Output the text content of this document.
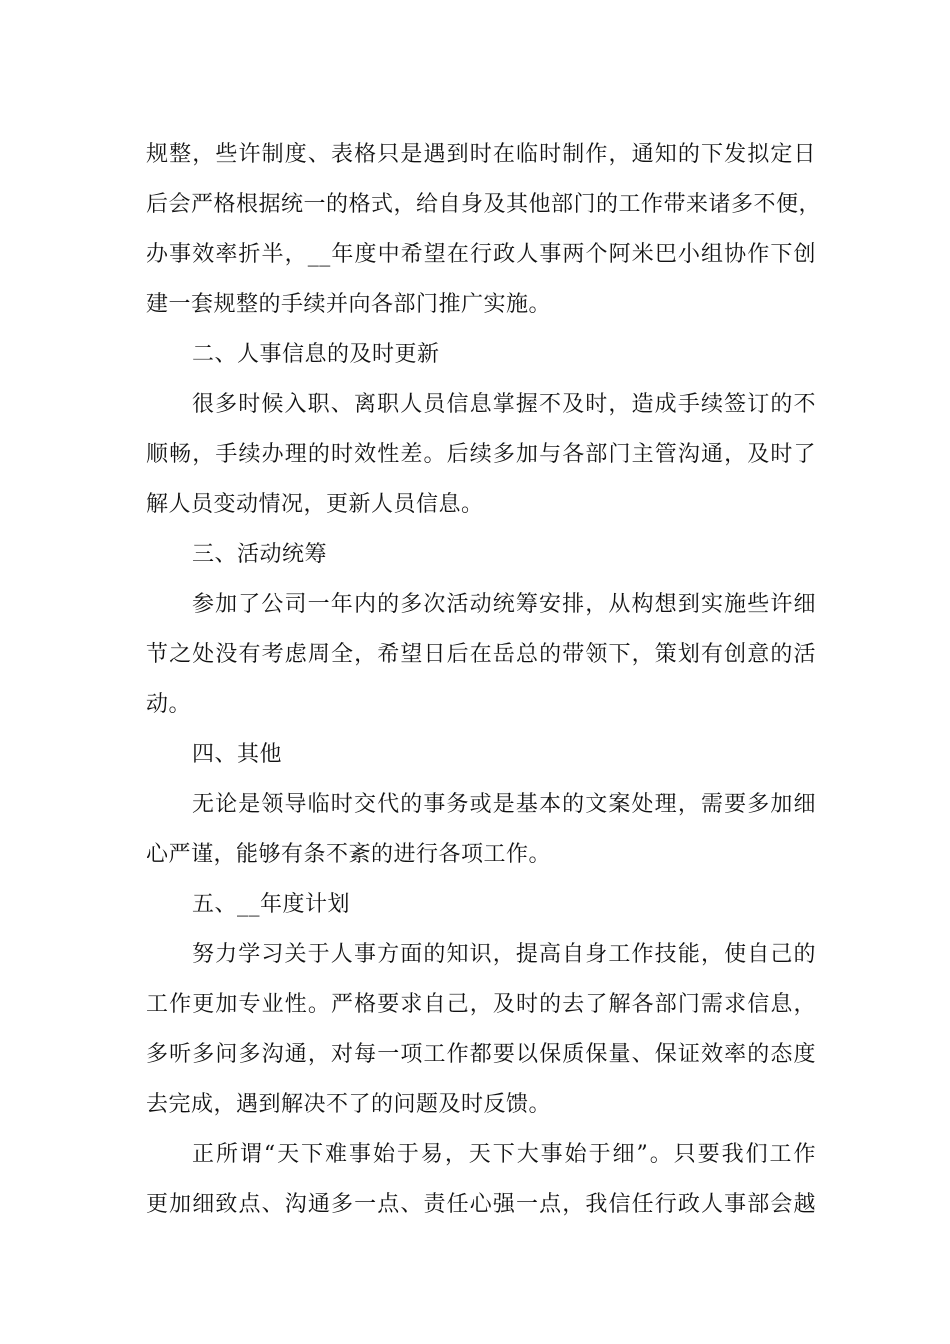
规整，些许制度、表格只是遇到时在临时制作，通知的下发拟定日
后会严格根据统一的格式，给自身及其他部门的工作带来诸多不便，
办事效率折半，__年度中希望在行政人事两个阿米巴小组协作下创
建一套规整的手续并向各部门推广实施。

二、人事信息的及时更新

很多时候入职、离职人员信息掌握不及时，造成手续签订的不
顺畅，手续办理的时效性差。后续多加与各部门主管沟通，及时了
解人员变动情况，更新人员信息。

三、活动统筹

参加了公司一年内的多次活动统筹安排，从构想到实施些许细
节之处没有考虑周全，希望日后在岳总的带领下，策划有创意的活
动。

四、其他

无论是领导临时交代的事务或是基本的文案处理，需要多加细
心严谨，能够有条不紊的进行各项工作。

五、__年度计划

努力学习关于人事方面的知识，提高自身工作技能，使自己的
工作更加专业性。严格要求自己，及时的去了解各部门需求信息，
多听多问多沟通，对每一项工作都要以保质保量、保证效率的态度
去完成，遇到解决不了的问题及时反馈。

正所谓“天下难事始于易，天下大事始于细”。只要我们工作
更加细致点、沟通多一点、责任心强一点，我信任行政人事部会越
